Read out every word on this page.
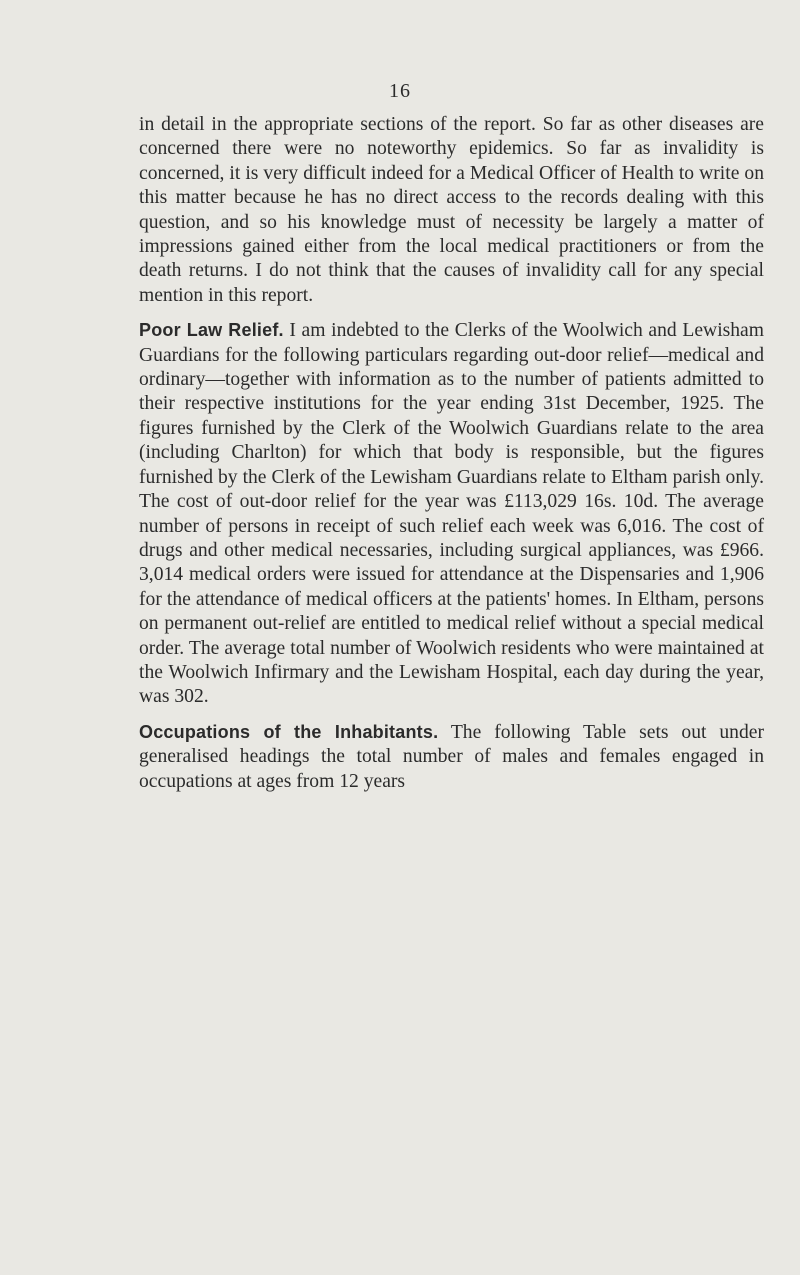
16

in detail in the appropriate sections of the report. So far as other diseases are concerned there were no noteworthy epidemics. So far as invalidity is concerned, it is very difficult indeed for a Medical Officer of Health to write on this matter because he has no direct access to the records dealing with this question, and so his knowledge must of necessity be largely a matter of impressions gained either from the local medical practitioners or from the death returns. I do not think that the causes of invalidity call for any special mention in this report.

Poor Law Relief. I am indebted to the Clerks of the Woolwich and Lewisham Guardians for the following particulars regarding out-door relief—medical and ordinary—together with information as to the number of patients admitted to their respective institutions for the year ending 31st December, 1925. The figures furnished by the Clerk of the Woolwich Guardians relate to the area (including Charlton) for which that body is responsible, but the figures furnished by the Clerk of the Lewisham Guardians relate to Eltham parish only. The cost of out-door relief for the year was £113,029 16s. 10d. The average number of persons in receipt of such relief each week was 6,016. The cost of drugs and other medical necessaries, including surgical appliances, was £966. 3,014 medical orders were issued for attendance at the Dispensaries and 1,906 for the attendance of medical officers at the patients' homes. In Eltham, persons on permanent out-relief are entitled to medical relief without a special medical order. The average total number of Woolwich residents who were maintained at the Woolwich Infirmary and the Lewisham Hospital, each day during the year, was 302.

Occupations of the Inhabitants. The following Table sets out under generalised headings the total number of males and females engaged in occupations at ages from 12 years
